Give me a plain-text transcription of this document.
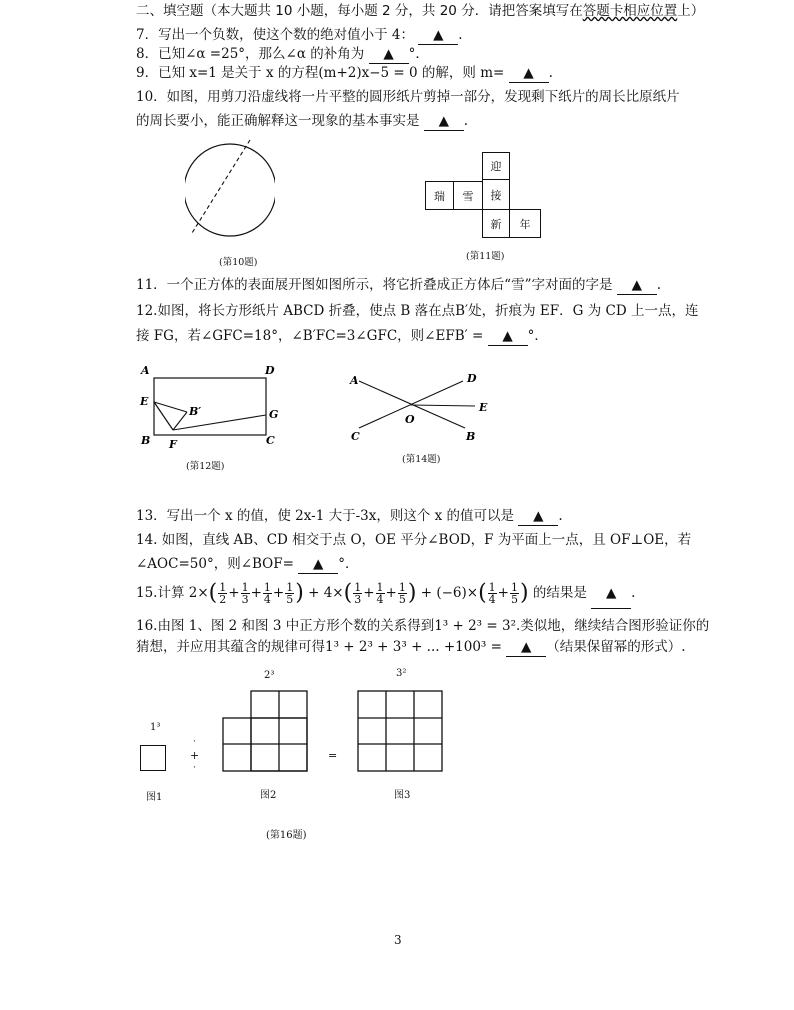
二、填空题（本大题共 10 小题，每小题 2 分，共 20 分．请把答案填写在答题卡相应位置上）
7．写出一个负数，使这个数的绝对值小于 4： ▲ .
8．已知∠α =25°，那么∠α 的补角为 ▲ °．
9．已知 x=1 是关于 x 的方程(m+2)x−5 = 0 的解，则 m= ▲ .
10．如图，用剪刀沿虚线将一片平整的圆形纸片剪掉一部分，发现剩下纸片的周长比原纸片
的周长要小，能正确解释这一现象的基本事实是 ▲ .
(第10题)
迎
瑞	雪	接
新	年
(第11题)
11．一个正方体的表面展开图如图所示，将它折叠成正方体后“雪”字对面的字是 ▲ .
12.如图，将长方形纸片 ABCD 折叠，使点 B 落在点B′处，折痕为 EF．G 为 CD 上一点，连
接 FG，若∠GFC=18°，∠B′FC=3∠GFC，则∠EFB′ = ▲ °．
A	D
E
B′	G
B F	C
(第12题)
A	D
O
E
C	B
(第14题)
13．写出一个 x 的值，使 2x-1 大于-3x，则这个 x 的值可以是 ▲ .
14. 如图，直线 AB、CD 相交于点 O，OE 平分∠BOD，F 为平面上一点，且 OF⊥OE，若
∠AOC=50°，则∠BOF= ▲ °．
15.计算 $2\times( \frac{1}{2} + \frac{1}{3} + \frac{1}{4} + \frac{1}{5}$ ) + $4\times( \frac{1}{3} + \frac{1}{4} + \frac{1}{5}$ ) + $(-6)\times( \frac{1}{4} + \frac{1}{5}$ ) 的结果是 ▲ .
16.由图 1、图 2 和图 3 中正方形个数的关系得到1³ + 2³ = 3².类似地，继续结合图形验证你的
猜想，并应用其蕴含的规律可得1³ + 2³ + 3³ + ... +100³ = ▲ （结果保留幂的形式）.
1³
+
·
·
2³
=
3²
图1	图2	图3
(第16题)
3
